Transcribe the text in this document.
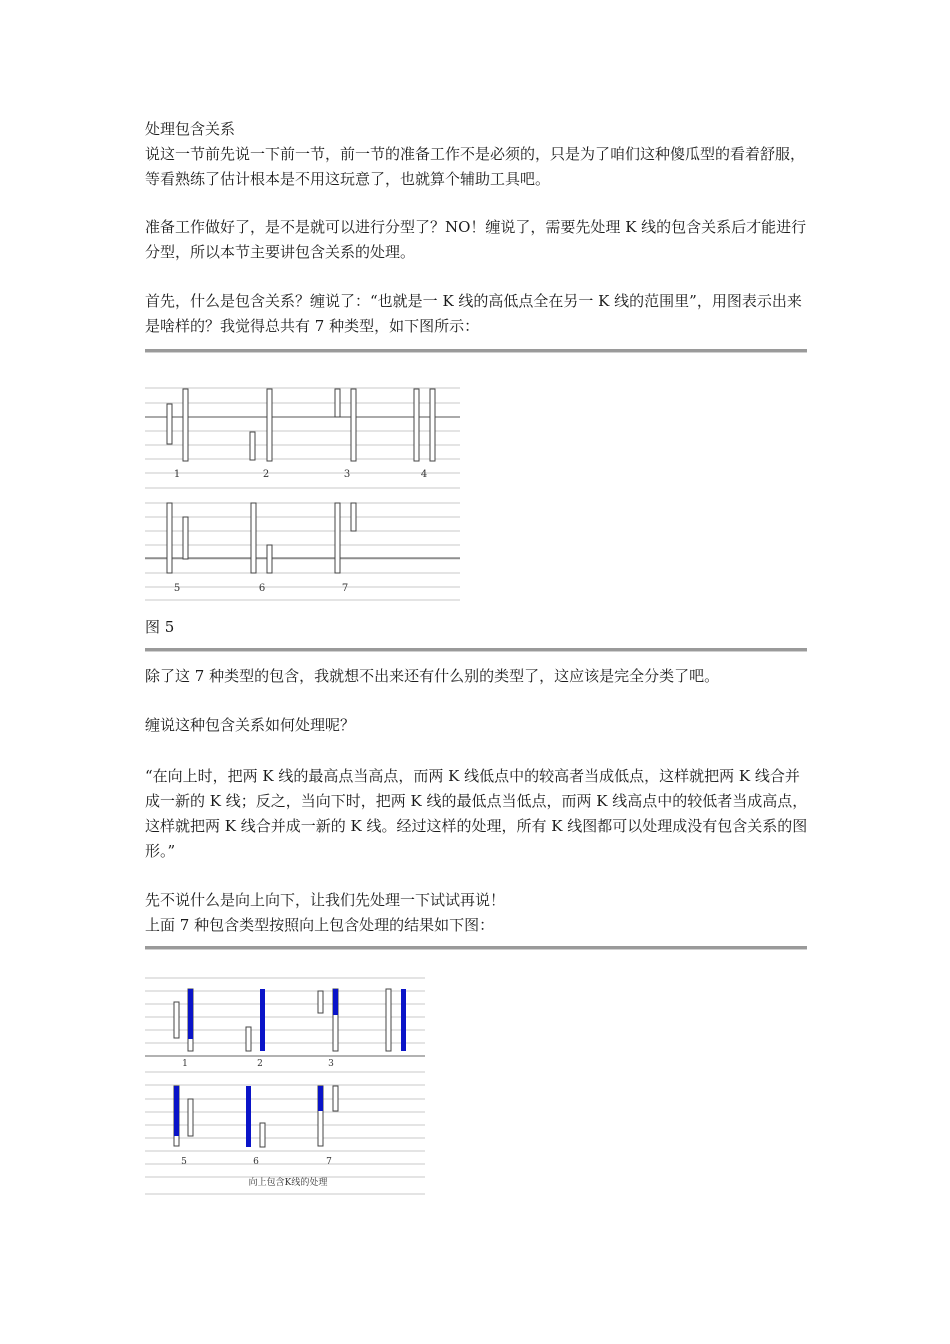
处理包含关系

说这一节前先说一下前一节，前一节的准备工作不是必须的，只是为了咱们这种傻瓜型的看着舒服，等看熟练了估计根本是不用这玩意了，也就算个辅助工具吧。

准备工作做好了，是不是就可以进行分型了？NO！缠说了，需要先处理 K 线的包含关系后才能进行分型，所以本节主要讲包含关系的处理。

首先，什么是包含关系？缠说了：“也就是一 K 线的高低点全在另一 K 线的范围里”，用图表示出来是啥样的？我觉得总共有 7 种类型，如下图所示：

1	2	3	4
5	6	7

图 5

除了这 7 种类型的包含，我就想不出来还有什么别的类型了，这应该是完全分类了吧。

缠说这种包含关系如何处理呢？

“在向上时，把两 K 线的最高点当高点，而两 K 线低点中的较高者当成低点，这样就把两 K 线合并成一新的 K 线；反之，当向下时，把两 K 线的最低点当低点，而两 K 线高点中的较低者当成高点，这样就把两 K 线合并成一新的 K 线。经过这样的处理，所有 K 线图都可以处理成没有包含关系的图形。”

先不说什么是向上向下，让我们先处理一下试试再说！

上面 7 种包含类型按照向上包含处理的结果如下图：

1	2	3
5	6	7
向上包含K线的处理
